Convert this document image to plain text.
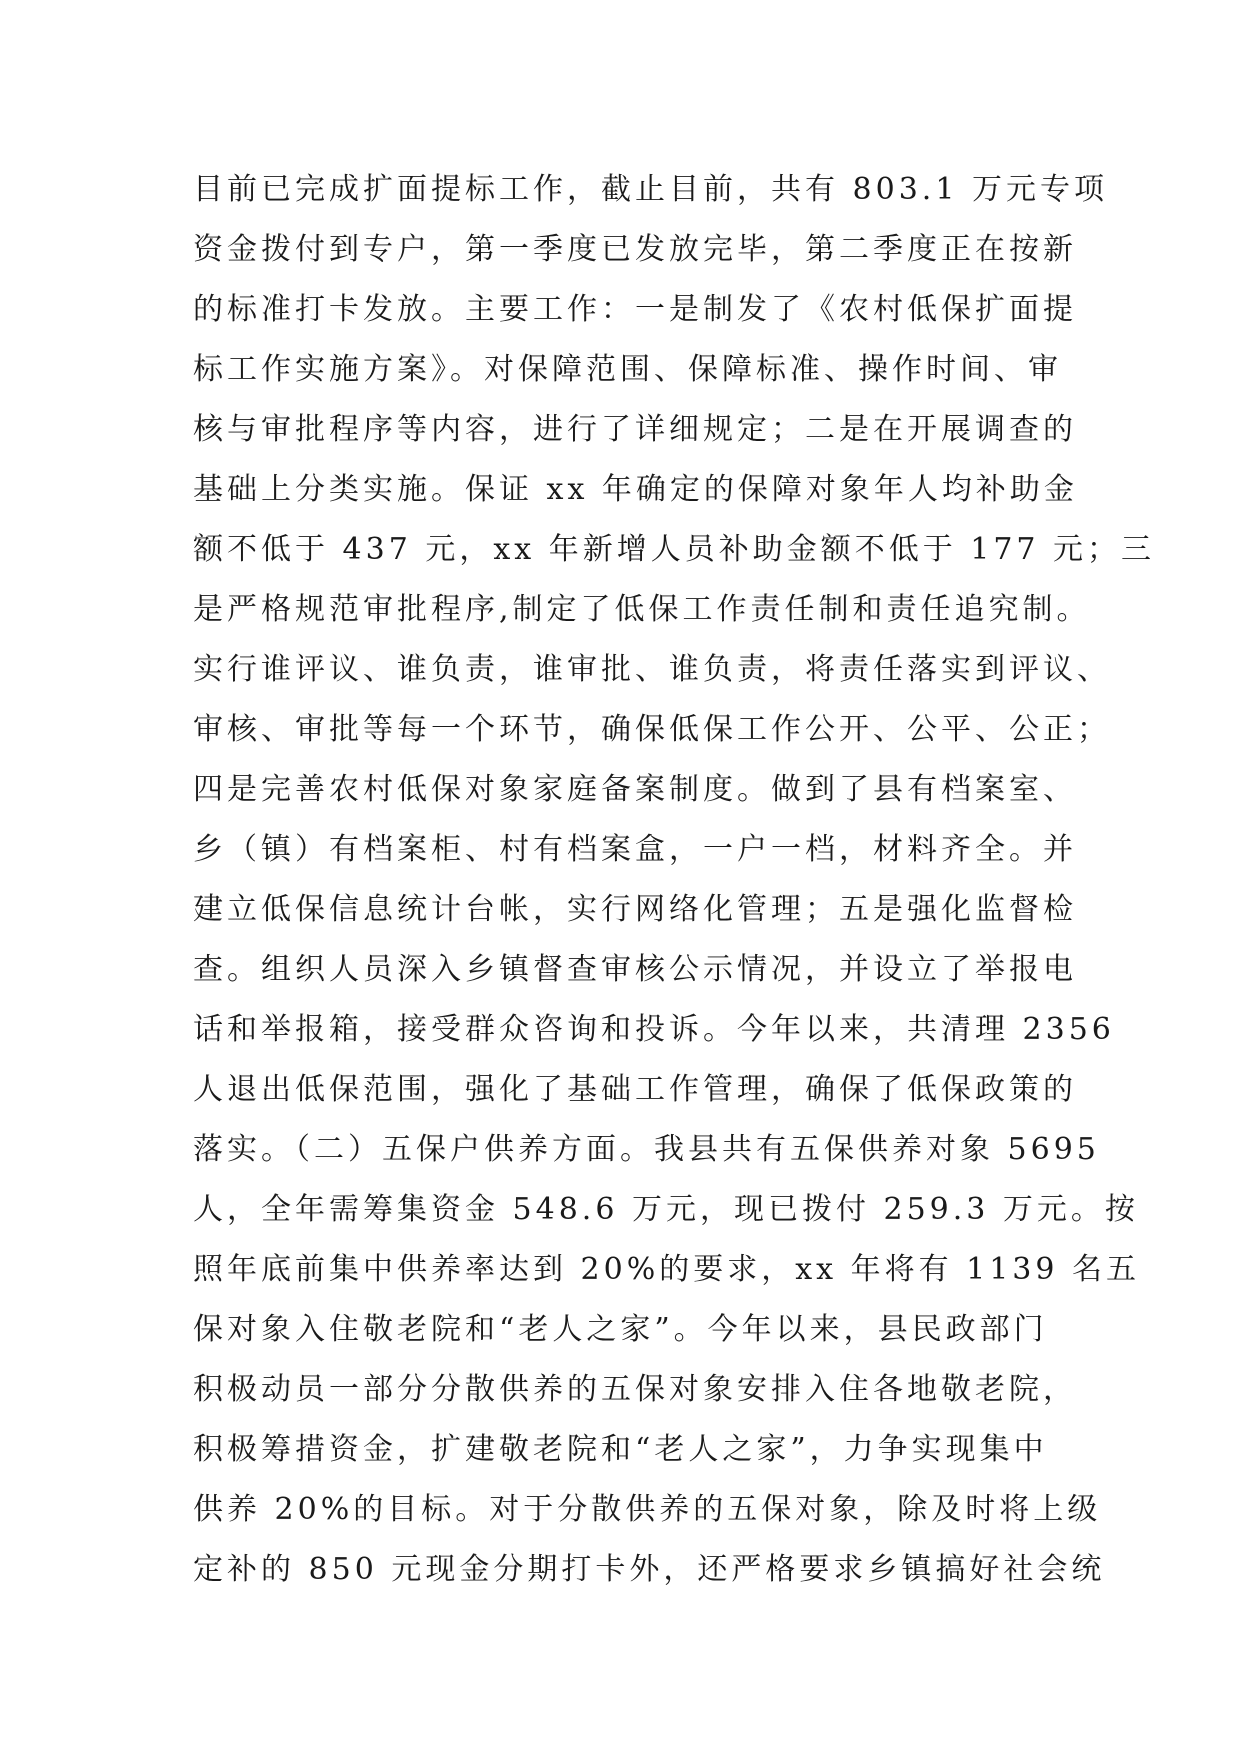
目前已完成扩面提标工作，截止目前，共有 803.1 万元专项
资金拨付到专户，第一季度已发放完毕，第二季度正在按新
的标准打卡发放。主要工作：一是制发了《农村低保扩面提
标工作实施方案》。对保障范围、保障标准、操作时间、审
核与审批程序等内容，进行了详细规定；二是在开展调查的
基础上分类实施。保证 xx 年确定的保障对象年人均补助金
额不低于 437 元，xx 年新增人员补助金额不低于 177 元；三
是严格规范审批程序,制定了低保工作责任制和责任追究制。
实行谁评议、谁负责，谁审批、谁负责，将责任落实到评议、
审核、审批等每一个环节，确保低保工作公开、公平、公正；
四是完善农村低保对象家庭备案制度。做到了县有档案室、
乡（镇）有档案柜、村有档案盒，一户一档，材料齐全。并
建立低保信息统计台帐，实行网络化管理；五是强化监督检
查。组织人员深入乡镇督查审核公示情况，并设立了举报电
话和举报箱，接受群众咨询和投诉。今年以来，共清理 2356
人退出低保范围，强化了基础工作管理，确保了低保政策的
落实。（二）五保户供养方面。我县共有五保供养对象 5695
人，全年需筹集资金 548.6 万元，现已拨付 259.3 万元。按
照年底前集中供养率达到 20%的要求，xx 年将有 1139 名五
保对象入住敬老院和“老人之家”。今年以来，县民政部门
积极动员一部分分散供养的五保对象安排入住各地敬老院，
积极筹措资金，扩建敬老院和“老人之家”，力争实现集中
供养 20%的目标。对于分散供养的五保对象，除及时将上级
定补的 850 元现金分期打卡外，还严格要求乡镇搞好社会统
